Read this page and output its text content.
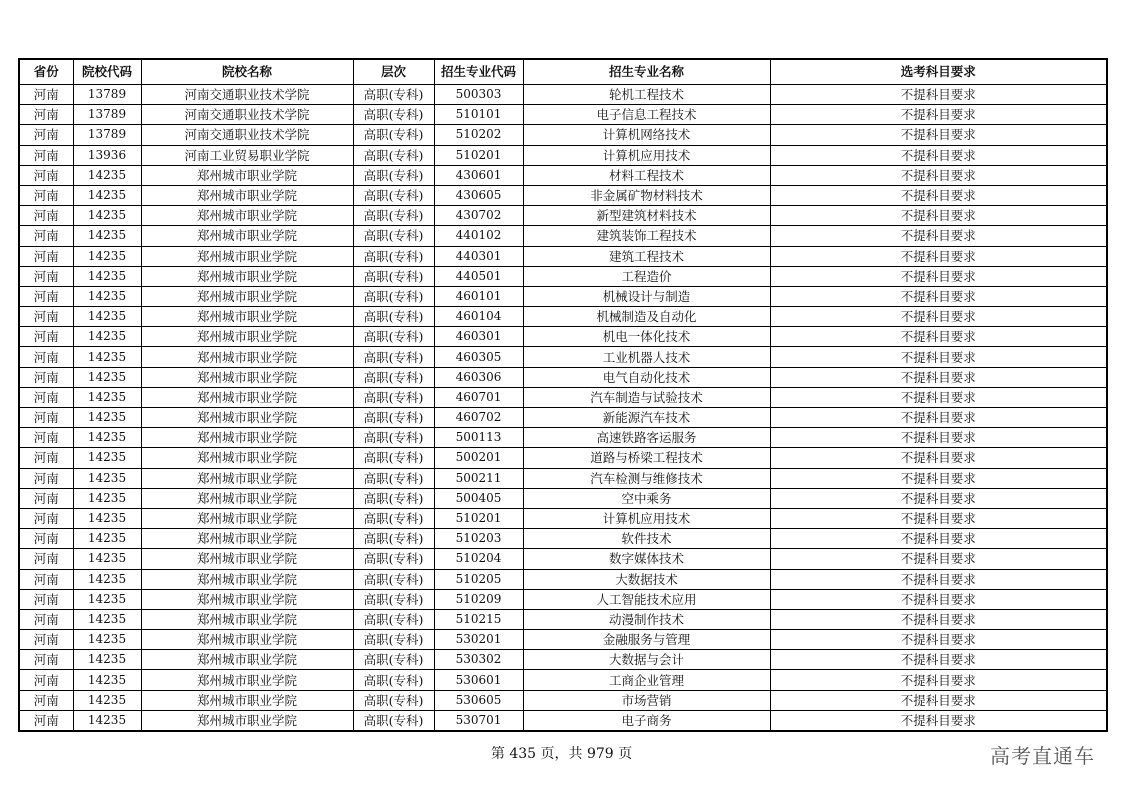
省份	院校代码	院校名称	层次	招生专业代码	招生专业名称	选考科目要求
河南	13789	河南交通职业技术学院	高职(专科)	500303	轮机工程技术	不提科目要求
河南	13789	河南交通职业技术学院	高职(专科)	510101	电子信息工程技术	不提科目要求
河南	13789	河南交通职业技术学院	高职(专科)	510202	计算机网络技术	不提科目要求
河南	13936	河南工业贸易职业学院	高职(专科)	510201	计算机应用技术	不提科目要求
河南	14235	郑州城市职业学院	高职(专科)	430601	材料工程技术	不提科目要求
河南	14235	郑州城市职业学院	高职(专科)	430605	非金属矿物材料技术	不提科目要求
河南	14235	郑州城市职业学院	高职(专科)	430702	新型建筑材料技术	不提科目要求
河南	14235	郑州城市职业学院	高职(专科)	440102	建筑装饰工程技术	不提科目要求
河南	14235	郑州城市职业学院	高职(专科)	440301	建筑工程技术	不提科目要求
河南	14235	郑州城市职业学院	高职(专科)	440501	工程造价	不提科目要求
河南	14235	郑州城市职业学院	高职(专科)	460101	机械设计与制造	不提科目要求
河南	14235	郑州城市职业学院	高职(专科)	460104	机械制造及自动化	不提科目要求
河南	14235	郑州城市职业学院	高职(专科)	460301	机电一体化技术	不提科目要求
河南	14235	郑州城市职业学院	高职(专科)	460305	工业机器人技术	不提科目要求
河南	14235	郑州城市职业学院	高职(专科)	460306	电气自动化技术	不提科目要求
河南	14235	郑州城市职业学院	高职(专科)	460701	汽车制造与试验技术	不提科目要求
河南	14235	郑州城市职业学院	高职(专科)	460702	新能源汽车技术	不提科目要求
河南	14235	郑州城市职业学院	高职(专科)	500113	高速铁路客运服务	不提科目要求
河南	14235	郑州城市职业学院	高职(专科)	500201	道路与桥梁工程技术	不提科目要求
河南	14235	郑州城市职业学院	高职(专科)	500211	汽车检测与维修技术	不提科目要求
河南	14235	郑州城市职业学院	高职(专科)	500405	空中乘务	不提科目要求
河南	14235	郑州城市职业学院	高职(专科)	510201	计算机应用技术	不提科目要求
河南	14235	郑州城市职业学院	高职(专科)	510203	软件技术	不提科目要求
河南	14235	郑州城市职业学院	高职(专科)	510204	数字媒体技术	不提科目要求
河南	14235	郑州城市职业学院	高职(专科)	510205	大数据技术	不提科目要求
河南	14235	郑州城市职业学院	高职(专科)	510209	人工智能技术应用	不提科目要求
河南	14235	郑州城市职业学院	高职(专科)	510215	动漫制作技术	不提科目要求
河南	14235	郑州城市职业学院	高职(专科)	530201	金融服务与管理	不提科目要求
河南	14235	郑州城市职业学院	高职(专科)	530302	大数据与会计	不提科目要求
河南	14235	郑州城市职业学院	高职(专科)	530601	工商企业管理	不提科目要求
河南	14235	郑州城市职业学院	高职(专科)	530605	市场营销	不提科目要求
河南	14235	郑州城市职业学院	高职(专科)	530701	电子商务	不提科目要求
第 435 页，共 979 页	高考直通车
